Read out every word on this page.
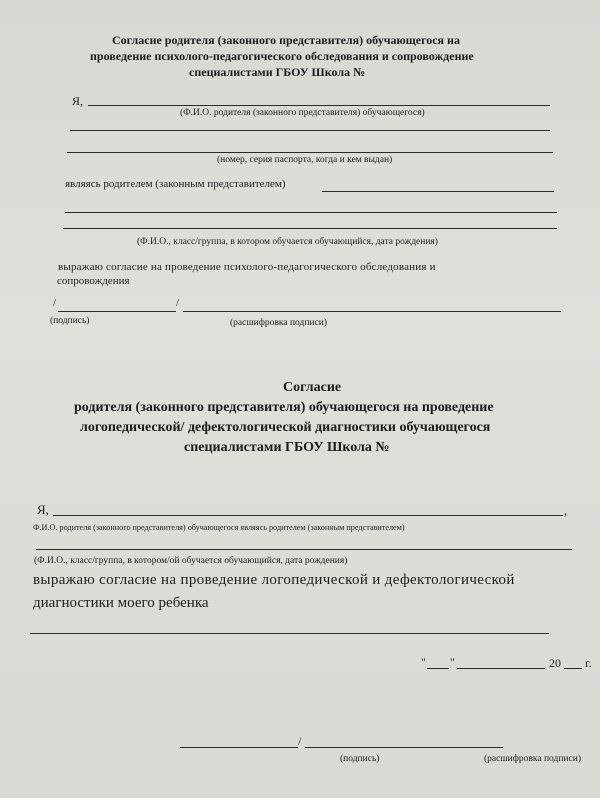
Согласие родителя (законного представителя) обучающегося на
проведение психолого-педагогического обследования и сопровождение
специалистами ГБОУ Школа №
Я,
(Ф.И.О. родителя (законного представителя) обучающегося)
(номер, серия паспорта, когда и кем выдан)
являясь родителем (законным представителем)
(Ф.И.О., класс/группа, в котором обучается обучающийся, дата рождения)
выражаю согласие на проведение психолого-педагогического обследования и
сопровождения
/	/
(подпись)	(расшифровка подписи)
Согласие
родителя (законного представителя) обучающегося на проведение
логопедической/ дефектологической диагностики обучающегося
специалистами ГБОУ Школа №
Я,	,
Ф.И.О. родителя (законного представителя) обучающегося являясь родителем (законным представителем)
(Ф.И.О., класс/группа, в котором/ой обучается обучающийся, дата рождения)
выражаю согласие на проведение логопедической и дефектологической
диагностики моего ребенка
" "	20 г.
/
(подпись)	(расшифровка подписи)
